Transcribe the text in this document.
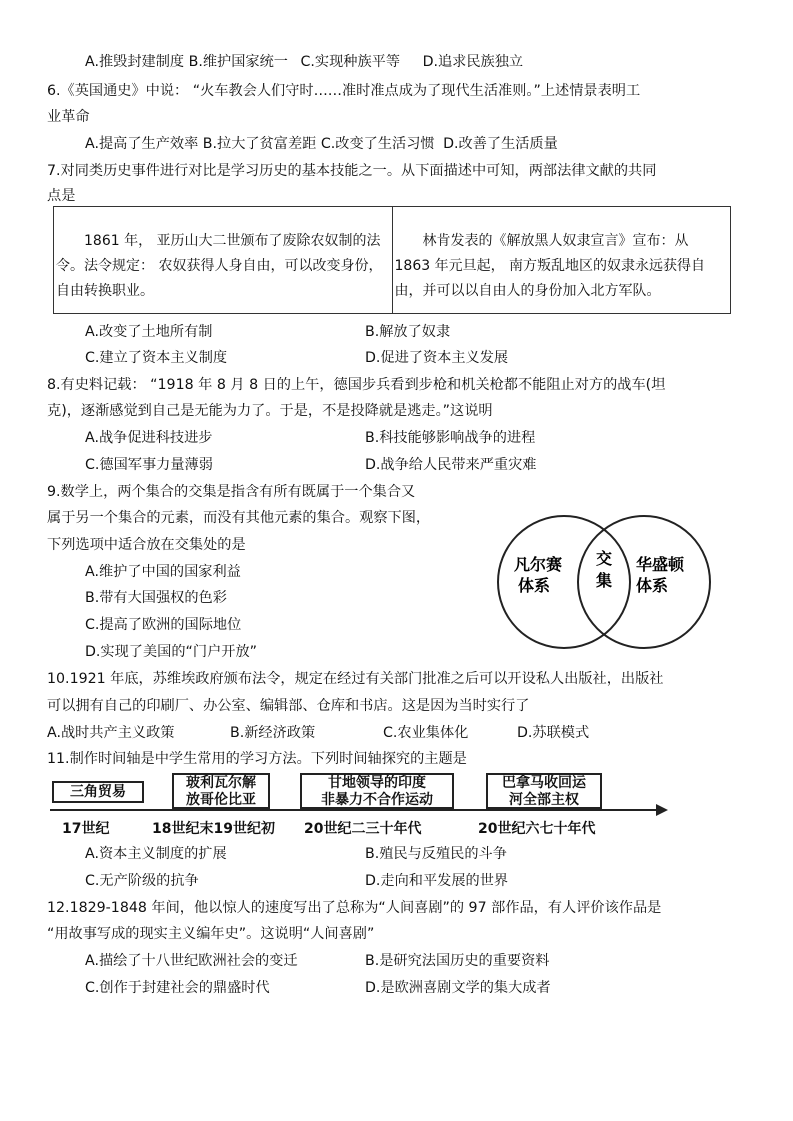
A.推毁封建制度 B.维护国家统一 C.实现种族平等 D.追求民族独立
6.《英国通史》中说： “火车教会人们守时……准时准点成为了现代生活准则。”上述情景表明工
业革命
A.提高了生产效率 B.拉大了贫富差距 C.改变了生活习惯 D.改善了生活质量
7.对同类历史事件进行对比是学习历史的基本技能之一。从下面描述中可知，两部法律文献的共同
点是
　　1861 年， 亚历山大二世颁布了废除农奴制的法令。法令规定： 农奴获得人身自由，可以改变身份， 自由转换职业。	　　林肯发表的《解放黑人奴隶宣言》宣布：从 1863 年元旦起， 南方叛乱地区的奴隶永远获得自由，并可以以自由人的身份加入北方军队。
A.改变了土地所有制	B.解放了奴隶
C.建立了资本主义制度	D.促进了资本主义发展
8.有史料记载： “1918 年 8 月 8 日的上午，德国步兵看到步枪和机关枪都不能阻止对方的战车(坦
克)，逐渐感觉到自己是无能为力了。于是，不是投降就是逃走。”这说明
A.战争促进科技进步	B.科技能够影响战争的进程
C.德国军事力量薄弱	D.战争给人民带来严重灾难
9.数学上，两个集合的交集是指含有所有既属于一个集合又
属于另一个集合的元素，而没有其他元素的集合。观察下图，
下列选项中适合放在交集处的是
A.维护了中国的国家利益
B.带有大国强权的色彩
C.提高了欧洲的国际地位
D.实现了美国的“门户开放”
凡尔赛
体系
交
集
华盛顿
体系
10.1921 年底，苏维埃政府颁布法令，规定在经过有关部门批准之后可以开设私人出版社，出版社
可以拥有自己的印刷厂、办公室、编辑部、仓库和书店。这是因为当时实行了
A.战时共产主义政策	B.新经济政策	C.农业集体化	D.苏联模式
11.制作时间轴是中学生常用的学习方法。下列时间轴探究的主题是
三角贸易
玻利瓦尔解
放哥伦比亚
甘地领导的印度
非暴力不合作运动
巴拿马收回运
河全部主权
17世纪	18世纪末19世纪初 20世纪二三十年代	20世纪六七十年代
A.资本主义制度的扩展	B.殖民与反殖民的斗争
C.无产阶级的抗争	D.走向和平发展的世界
12.1829-1848 年间，他以惊人的速度写出了总称为“人间喜剧”的 97 部作品，有人评价该作品是
“用故事写成的现实主义编年史”。这说明“人间喜剧”
A.描绘了十八世纪欧洲社会的变迁	B.是研究法国历史的重要资料
C.创作于封建社会的鼎盛时代	D.是欧洲喜剧文学的集大成者
